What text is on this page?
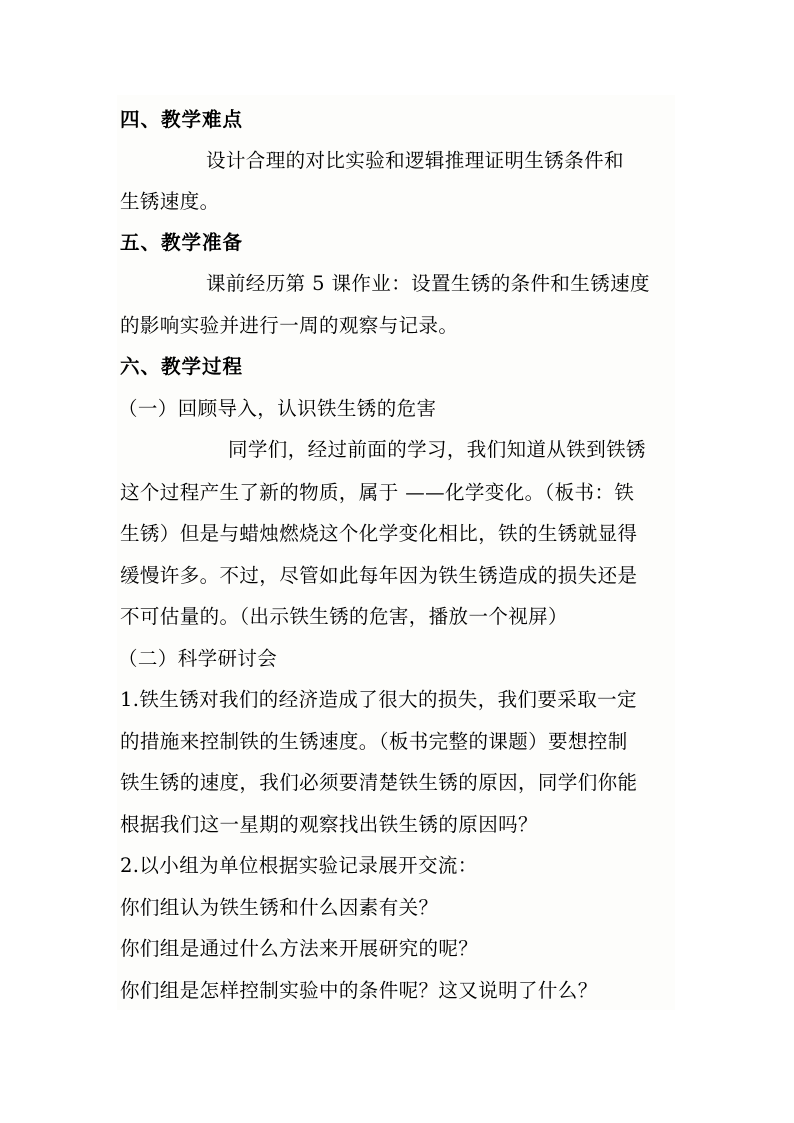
四、教学难点
设计合理的对比实验和逻辑推理证明生锈条件和
生锈速度。
五、教学准备
课前经历第 5 课作业：设置生锈的条件和生锈速度
的影响实验并进行一周的观察与记录。
六、教学过程
（一）回顾导入，认识铁生锈的危害
同学们，经过前面的学习，我们知道从铁到铁锈
这个过程产生了新的物质，属于 ——化学变化。（板书：铁
生锈）但是与蜡烛燃烧这个化学变化相比，铁的生锈就显得
缓慢许多。不过，尽管如此每年因为铁生锈造成的损失还是
不可估量的。（出示铁生锈的危害，播放一个视屏）
（二）科学研讨会
1.铁生锈对我们的经济造成了很大的损失，我们要采取一定
的措施来控制铁的生锈速度。（板书完整的课题）要想控制
铁生锈的速度，我们必须要清楚铁生锈的原因，同学们你能
根据我们这一星期的观察找出铁生锈的原因吗？
2.以小组为单位根据实验记录展开交流：
你们组认为铁生锈和什么因素有关？
你们组是通过什么方法来开展研究的呢？
你们组是怎样控制实验中的条件呢？这又说明了什么？
